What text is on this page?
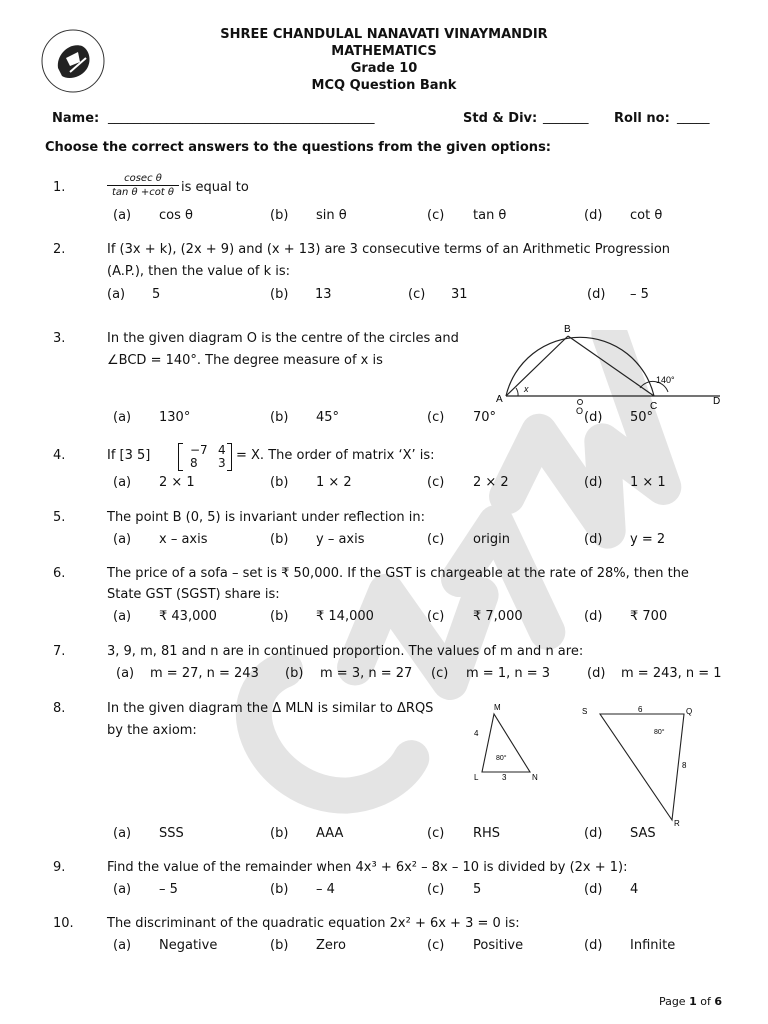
SHREE CHANDULAL NANAVATI VINAYMANDIR
MATHEMATICS
Grade 10
MCQ Question Bank
Name: _________________________________________	Std & Div: _______ Roll no: _____
Choose the correct answers to the questions from the given options:
1.	$\frac{\text{cosec θ}}{\text{tan θ +cot θ}}$ is equal to
2.	If (3x + k), (2x + 9) and (x + 13) are 3 consecutive terms of an Arithmetic Progression
(A.P.), then the value of k is:
3.	In the given diagram O is the centre of the circles and
∠BCD = 140°. The degree measure of x is
B
A
C	D
O
x
140°
4.	If [3 5]	−7 4
8 3 = X. The order of matrix ‘X’ is:
5.	The point B (0, 5) is invariant under reflection in:
6.	The price of a sofa – set is ₹ 50,000. If the GST is chargeable at the rate of 28%, then the
State GST (SGST) share is:
7.	3, 9, m, 81 and n are in continued proportion. The values of m and n are:
8.	In the given diagram the Δ MLN is similar to ΔRQS
by the axiom:
M
L	N
4
3
80°
S	Q
R
6
8
80°
9.	Find the value of the remainder when 4x³ + 6x² – 8x – 10 is divided by (2x + 1):
10.	The discriminant of the quadratic equation 2x² + 6x + 3 = 0 is:
Page 1 of 6
(a) cos θ	(b) sin θ	(c) tan θ	(d) cot θ
(a) 5	(b) 13	(c) 31	(d) – 5
(a) 130°	(b) 45°	(c) 70°	(d) 50°
(a) 2 × 1	(b) 1 × 2	(c) 2 × 2	(d) 1 × 1
(a) x – axis	(b) y – axis	(c) origin	(d) y = 2
(a) ₹ 43,000	(b) ₹ 14,000	(c) ₹ 7,000	(d) ₹ 700
(a) m = 27, n = 243 (b) m = 3, n = 27 (c) m = 1, n = 3	(d) m = 243, n = 1
(a) SSS	(b) AAA	(c) RHS	(d) SAS
(a) – 5	(b) – 4	(c) 5	(d) 4
(a) Negative	(b) Zero	(c) Positive	(d) Infinite
